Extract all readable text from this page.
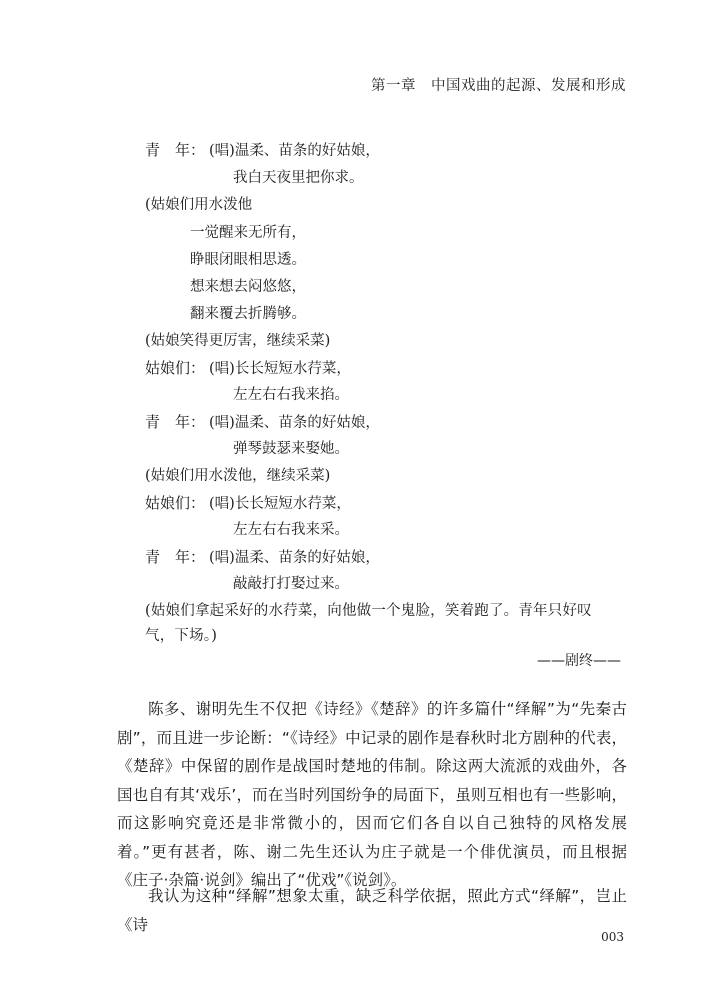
第一章　中国戏曲的起源、发展和形成
青　年： (唱)温柔、苗条的好姑娘，
我白天夜里把你求。
(姑娘们用水泼他
一觉醒来无所有，
睁眼闭眼相思透。
想来想去闷悠悠，
翻来覆去折腾够。
(姑娘笑得更厉害，继续采菜)
姑娘们： (唱)长长短短水荇菜，
左左右右我来掐。
青　年： (唱)温柔、苗条的好姑娘，
弹琴鼓瑟来娶她。
(姑娘们用水泼他，继续采菜)
姑娘们： (唱)长长短短水荇菜，
左左右右我来采。
青　年： (唱)温柔、苗条的好姑娘，
敲敲打打娶过来。
(姑娘们拿起采好的水荇菜，向他做一个鬼脸，笑着跑了。青年只好叹气，下场。)
——剧终——

陈多、谢明先生不仅把《诗经》《楚辞》的许多篇什“绎解”为“先秦古剧”，而且进一步论断：“《诗经》中记录的剧作是春秋时北方剧种的代表，《楚辞》中保留的剧作是战国时楚地的伟制。除这两大流派的戏曲外，各国也自有其‘戏乐’，而在当时列国纷争的局面下，虽则互相也有一些影响，而这影响究竟还是非常微小的，因而它们各自以自己独特的风格发展着。”更有甚者，陈、谢二先生还认为庄子就是一个俳优演员，而且根据《庄子·杂篇·说剑》编出了“优戏”《说剑》。

我认为这种“绎解”想象太重，缺乏科学依据，照此方式“绎解”，岂止《诗

003
